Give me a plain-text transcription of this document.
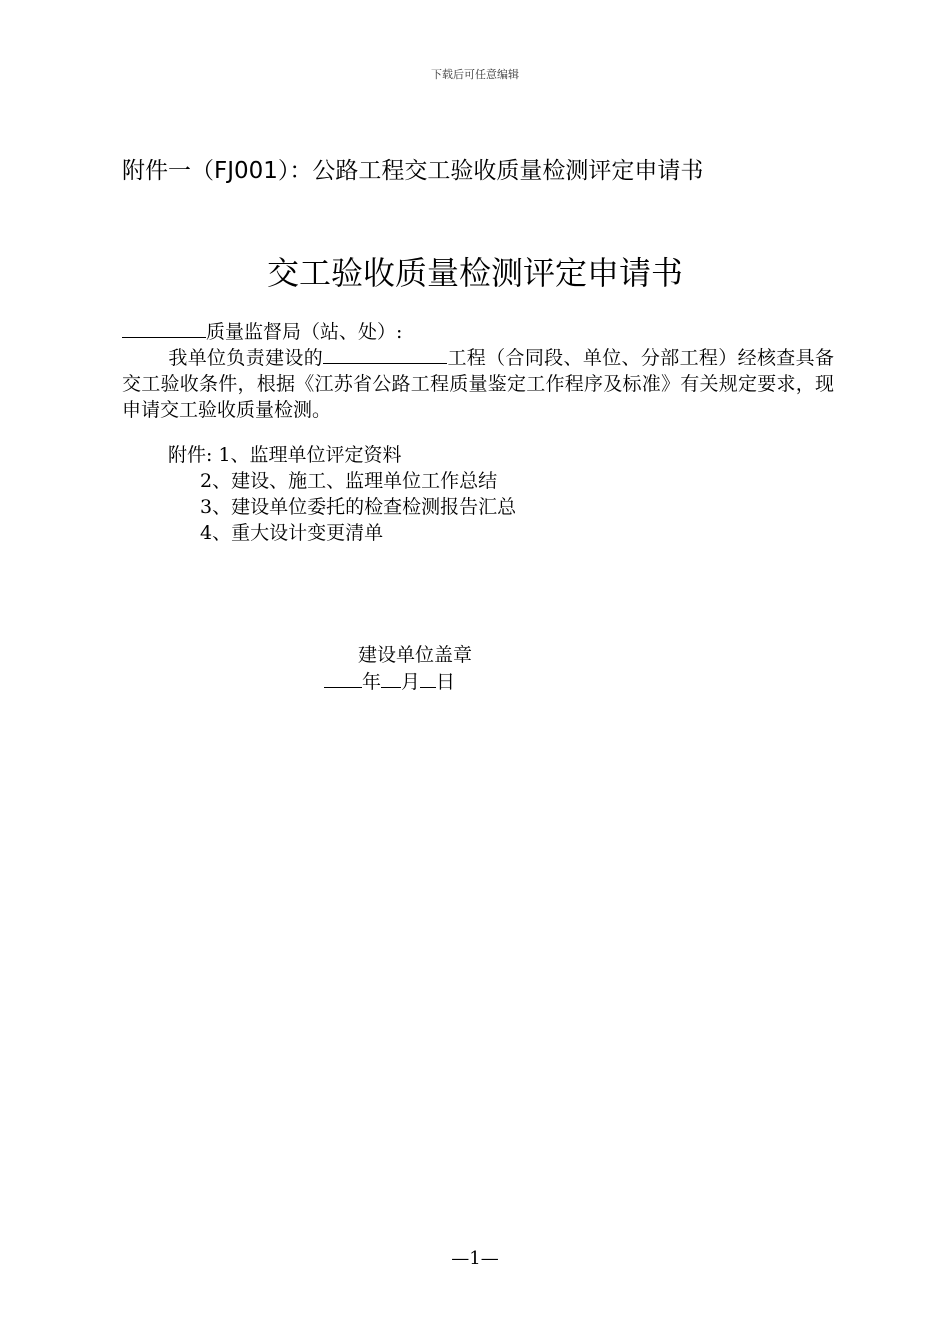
下载后可任意编辑
附件一（FJ001）：公路工程交工验收质量检测评定申请书
交工验收质量检测评定申请书
质量监督局（站、处）:
我单位负责建设的	工程（合同段、单位、分部工程）经核查具备交工验收条件，根据《江苏省公路工程质量鉴定工作程序及标准》有关规定要求，现申请交工验收质量检测。
附件: 1、监理单位评定资料
2、建设、施工、监理单位工作总结
3、建设单位委托的检查检测报告汇总
4、重大设计变更清单
建设单位盖章
年 月 日
—1—
